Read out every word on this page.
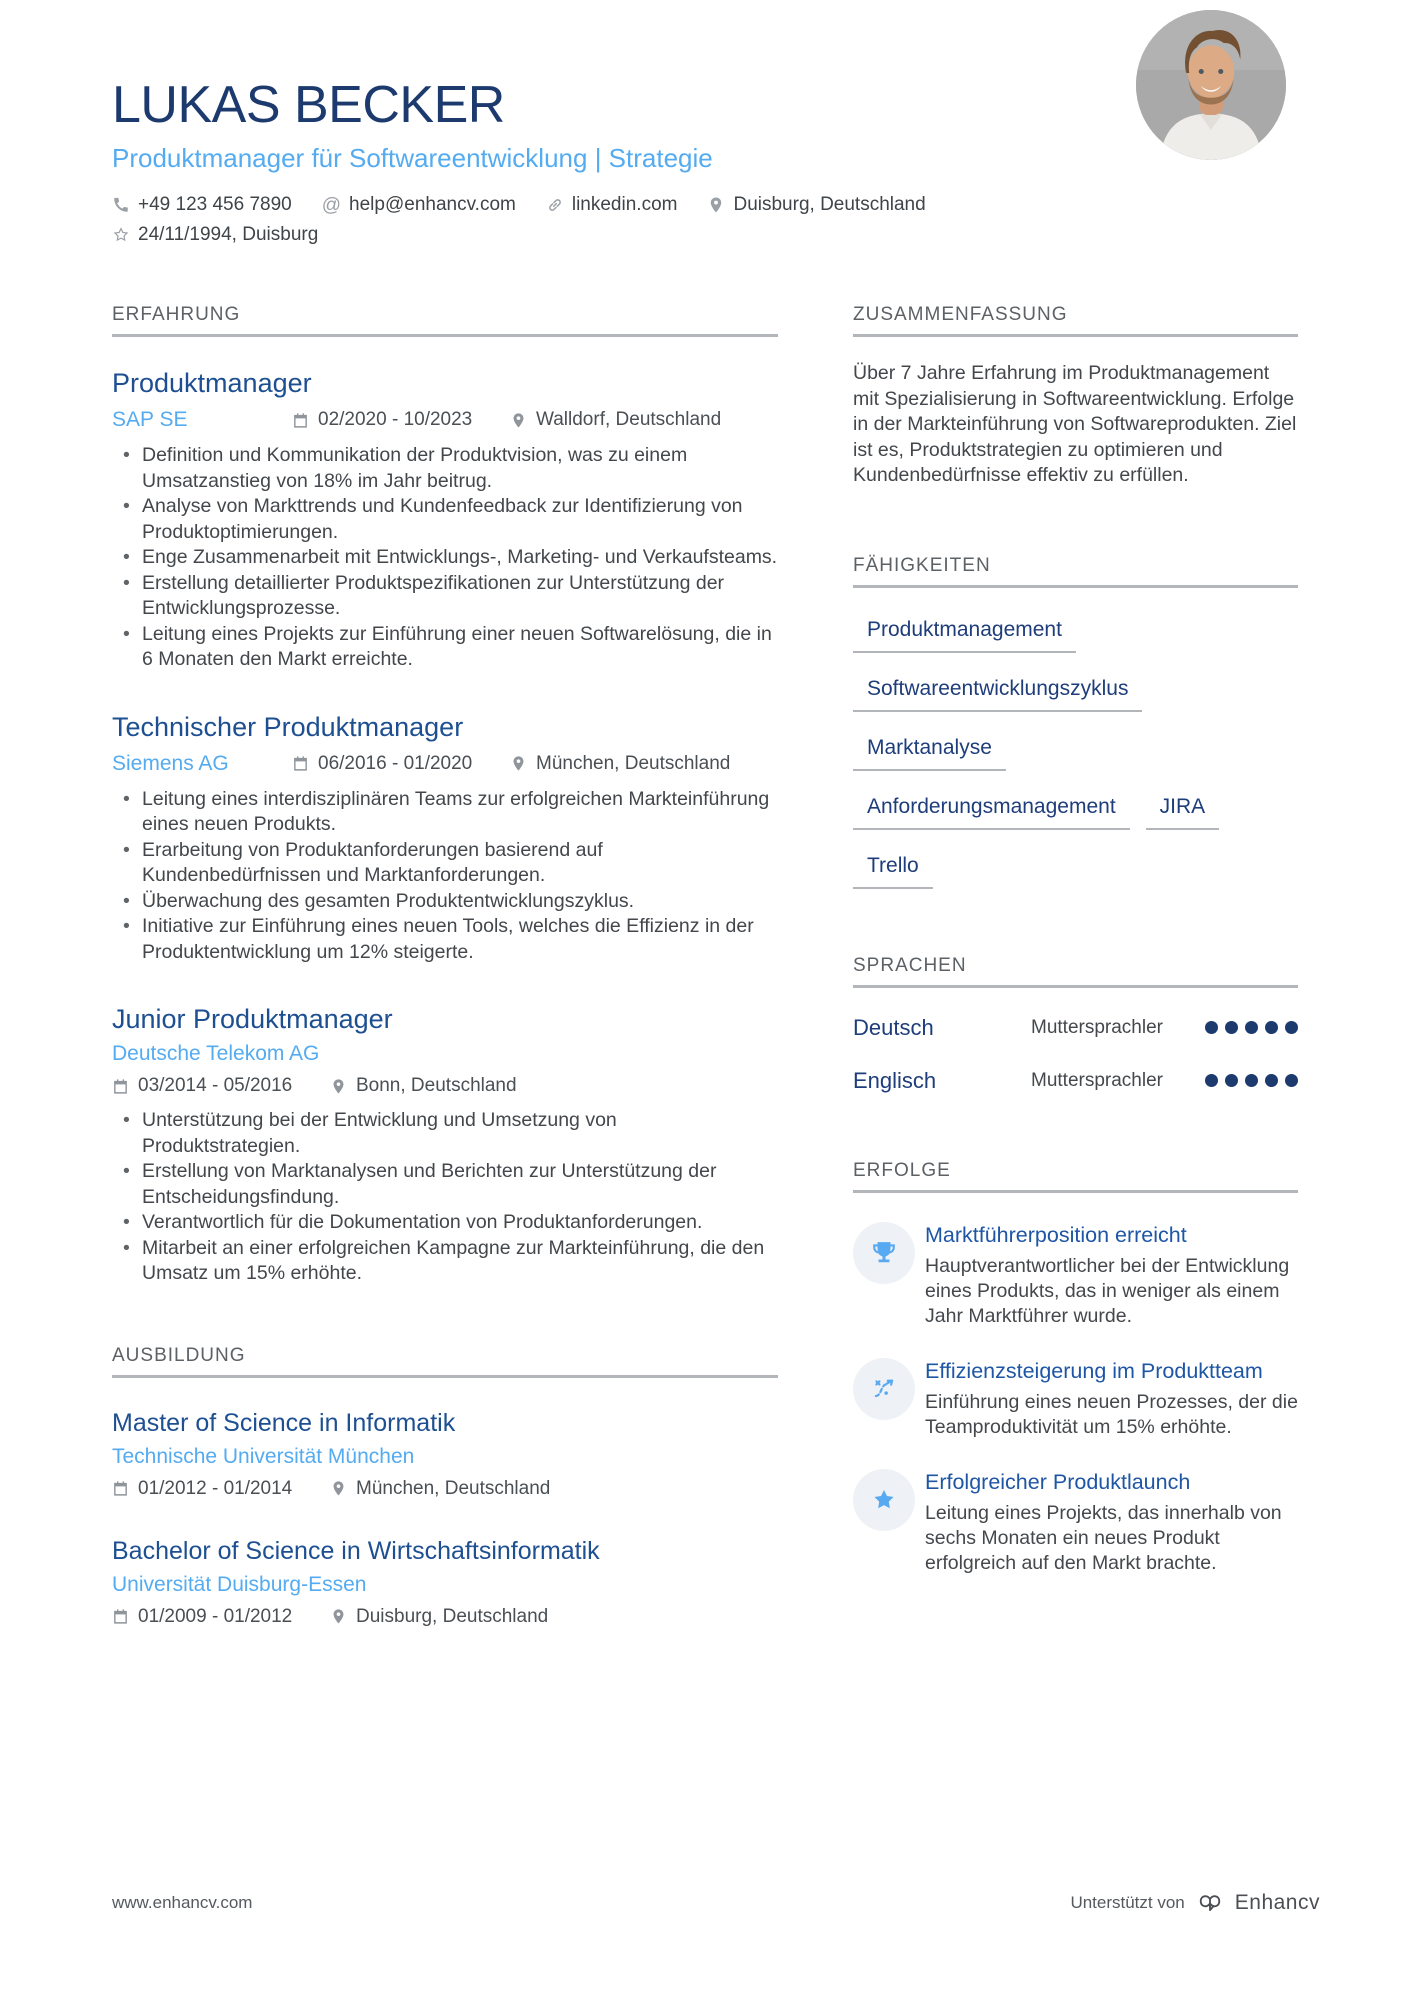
LUKAS BECKER
Produktmanager für Softwareentwicklung | Strategie
+49 123 456 7890 @ help@enhancv.com	linkedin.com	Duisburg, Deutschland
24/11/1994, Duisburg
ERFAHRUNG
Produktmanager
SAP SE	02/2020 - 10/2023	Walldorf, Deutschland
• Definition und Kommunikation der Produktvision, was zu einem Umsatzanstieg von 18% im Jahr beitrug.
• Analyse von Markttrends und Kundenfeedback zur Identifizierung von Produktoptimierungen.
• Enge Zusammenarbeit mit Entwicklungs-, Marketing- und Verkaufsteams.
• Erstellung detaillierter Produktspezifikationen zur Unterstützung der Entwicklungsprozesse.
• Leitung eines Projekts zur Einführung einer neuen Softwarelösung, die in 6 Monaten den Markt erreichte.
Technischer Produktmanager
Siemens AG	06/2016 - 01/2020	München, Deutschland
• Leitung eines interdisziplinären Teams zur erfolgreichen Markteinführung eines neuen Produkts.
• Erarbeitung von Produktanforderungen basierend auf Kundenbedürfnissen und Marktanforderungen.
• Überwachung des gesamten Produktentwicklungszyklus.
• Initiative zur Einführung eines neuen Tools, welches die Effizienz in der Produktentwicklung um 12% steigerte.
Junior Produktmanager
Deutsche Telekom AG
03/2014 - 05/2016	Bonn, Deutschland
• Unterstützung bei der Entwicklung und Umsetzung von Produktstrategien.
• Erstellung von Marktanalysen und Berichten zur Unterstützung der Entscheidungsfindung.
• Verantwortlich für die Dokumentation von Produktanforderungen.
• Mitarbeit an einer erfolgreichen Kampagne zur Markteinführung, die den Umsatz um 15% erhöhte.
AUSBILDUNG
Master of Science in Informatik
Technische Universität München
01/2012 - 01/2014	München, Deutschland
Bachelor of Science in Wirtschaftsinformatik
Universität Duisburg-Essen
01/2009 - 01/2012	Duisburg, Deutschland
ZUSAMMENFASSUNG

Über 7 Jahre Erfahrung im Produktmanagement mit Spezialisierung in Softwareentwicklung. Erfolge in der Markteinführung von Softwareprodukten. Ziel ist es, Produktstrategien zu optimieren und Kundenbedürfnisse effektiv zu erfüllen.

FÄHIGKEITEN
Produktmanagement
Softwareentwicklungszyklus
Marktanalyse
Anforderungsmanagement	JIRA
Trello
SPRACHEN
Deutsch	Muttersprachler
Englisch	Muttersprachler
ERFOLGE
Marktführerposition erreicht
Hauptverantwortlicher bei der Entwicklung eines Produkts, das in weniger als einem Jahr Marktführer wurde.
Effizienzsteigerung im Produktteam
Einführung eines neuen Prozesses, der die Teamproduktivität um 15% erhöhte.
Erfolgreicher Produktlaunch
Leitung eines Projekts, das innerhalb von sechs Monaten ein neues Produkt erfolgreich auf den Markt brachte.
www.enhancv.com	Unterstützt von Enhancv
